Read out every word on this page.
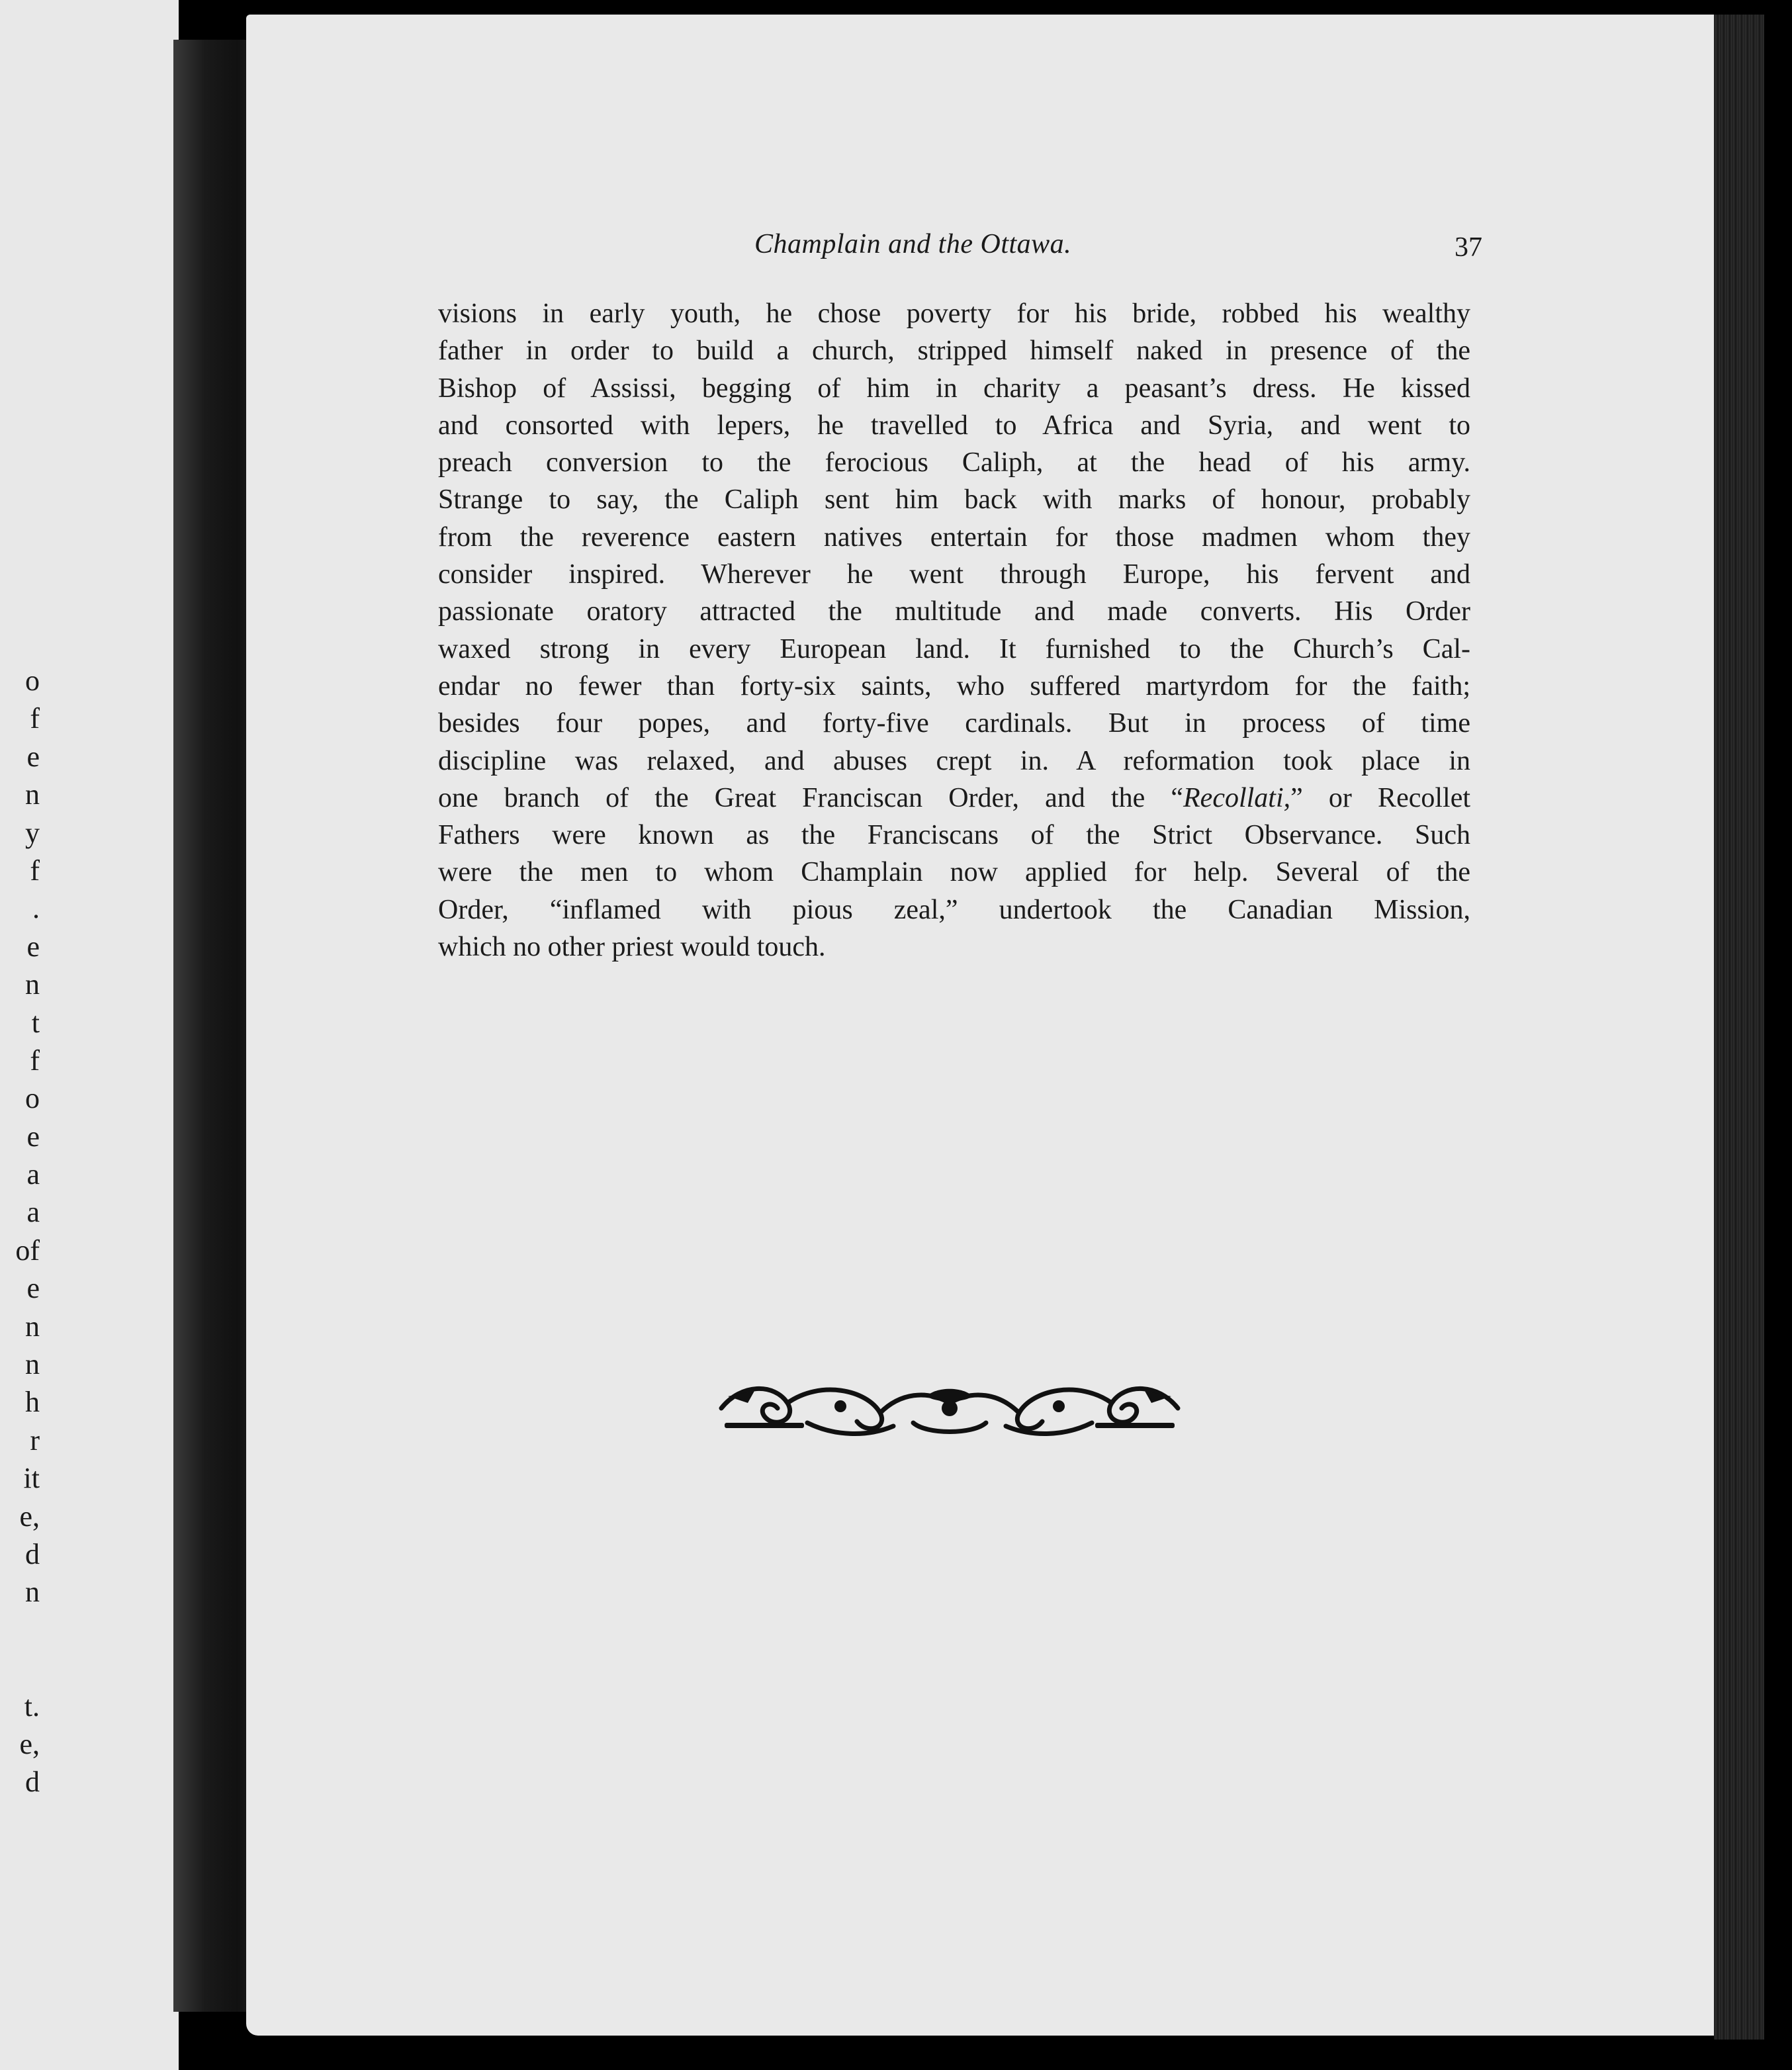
o
f
e
n
y
f
.
e
n
t
f
o
e
a
a
of
e
n
n
h
r
it
e,
d
n
t.
e,
d
Champlain and the Ottawa.	37
visions in early youth, he chose poverty for his bride, robbed his wealthy
father in order to build a church, stripped himself naked in presence of the
Bishop of Assissi, begging of him in charity a peasant’s dress. He kissed
and consorted with lepers, he travelled to Africa and Syria, and went to
preach conversion to the ferocious Caliph, at the head of his army.
Strange to say, the Caliph sent him back with marks of honour, probably
from the reverence eastern natives entertain for those madmen whom they
consider inspired. Wherever he went through Europe, his fervent and
passionate oratory attracted the multitude and made converts. His Order
waxed strong in every European land. It furnished to the Church’s Cal-
endar no fewer than forty-six saints, who suffered martyrdom for the faith;
besides four popes, and forty-five cardinals. But in process of time
discipline was relaxed, and abuses crept in. A reformation took place in
one branch of the Great Franciscan Order, and the “Recollati,” or Recollet
Fathers were known as the Franciscans of the Strict Observance. Such
were the men to whom Champlain now applied for help. Several of the
Order, “inflamed with pious zeal,” undertook the Canadian Mission,
which no other priest would touch.
